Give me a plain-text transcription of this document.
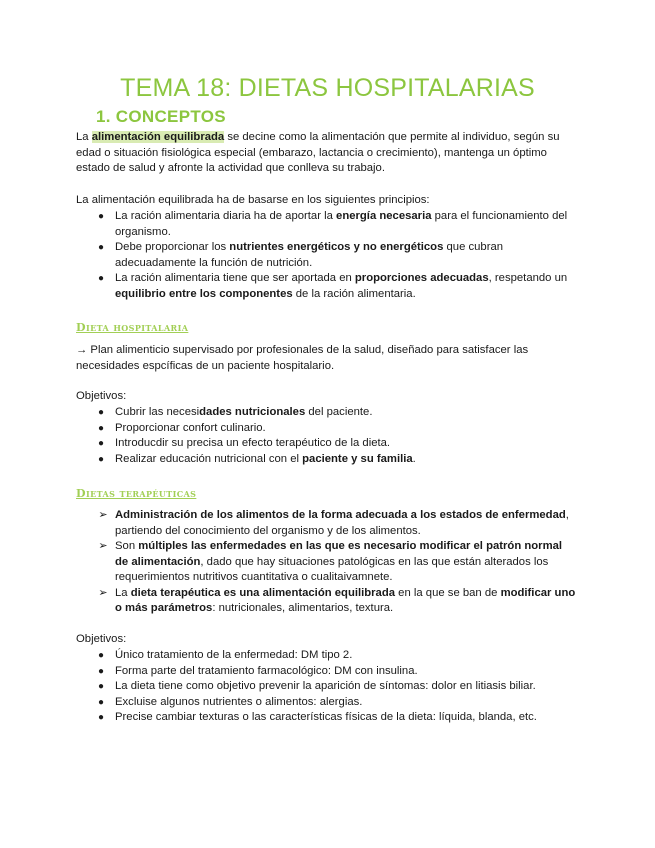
TEMA 18: DIETAS HOSPITALARIAS
1. CONCEPTOS

La alimentación equilibrada se decine como la alimentación que permite al individuo, según su edad o situación fisiológica especial (embarazo, lactancia o crecimiento), mantenga un óptimo estado de salud y afronte la actividad que conlleva su trabajo.

La alimentación equilibrada ha de basarse en los siguientes principios:

● La ración alimentaria diaria ha de aportar la energía necesaria para el funcionamiento del organismo.
● Debe proporcionar los nutrientes energéticos y no energéticos que cubran adecuadamente la función de nutrición.
● La ración alimentaria tiene que ser aportada en proporciones adecuadas, respetando un equilibrio entre los componentes de la ración alimentaria.
Dieta hospitalaria

→ Plan alimenticio supervisado por profesionales de la salud, diseñado para satisfacer las necesidades espcíficas de un paciente hospitalario.

Objetivos:

● Cubrir las necesidades nutricionales del paciente.
● Proporcionar confort culinario.
● Introducdir su precisa un efecto terapéutico de la dieta.
● Realizar educación nutricional con el paciente y su familia.
Dietas terapéuticas
➢ Administración de los alimentos de la forma adecuada a los estados de enfermedad, partiendo del conocimiento del organismo y de los alimentos.
➢ Son múltiples las enfermedades en las que es necesario modificar el patrón normal de alimentación, dado que hay situaciones patológicas en las que están alterados los requerimientos nutritivos cuantitativa o cualitaivamnete.
➢ La dieta terapéutica es una alimentación equilibrada en la que se ban de modificar uno o más parámetros: nutricionales, alimentarios, textura.

Objetivos:

● Único tratamiento de la enfermedad: DM tipo 2.
● Forma parte del tratamiento farmacológico: DM con insulina.
● La dieta tiene como objetivo prevenir la aparición de síntomas: dolor en litiasis biliar.
● Excluise algunos nutrientes o alimentos: alergias.
● Precise cambiar texturas o las características físicas de la dieta: líquida, blanda, etc.
